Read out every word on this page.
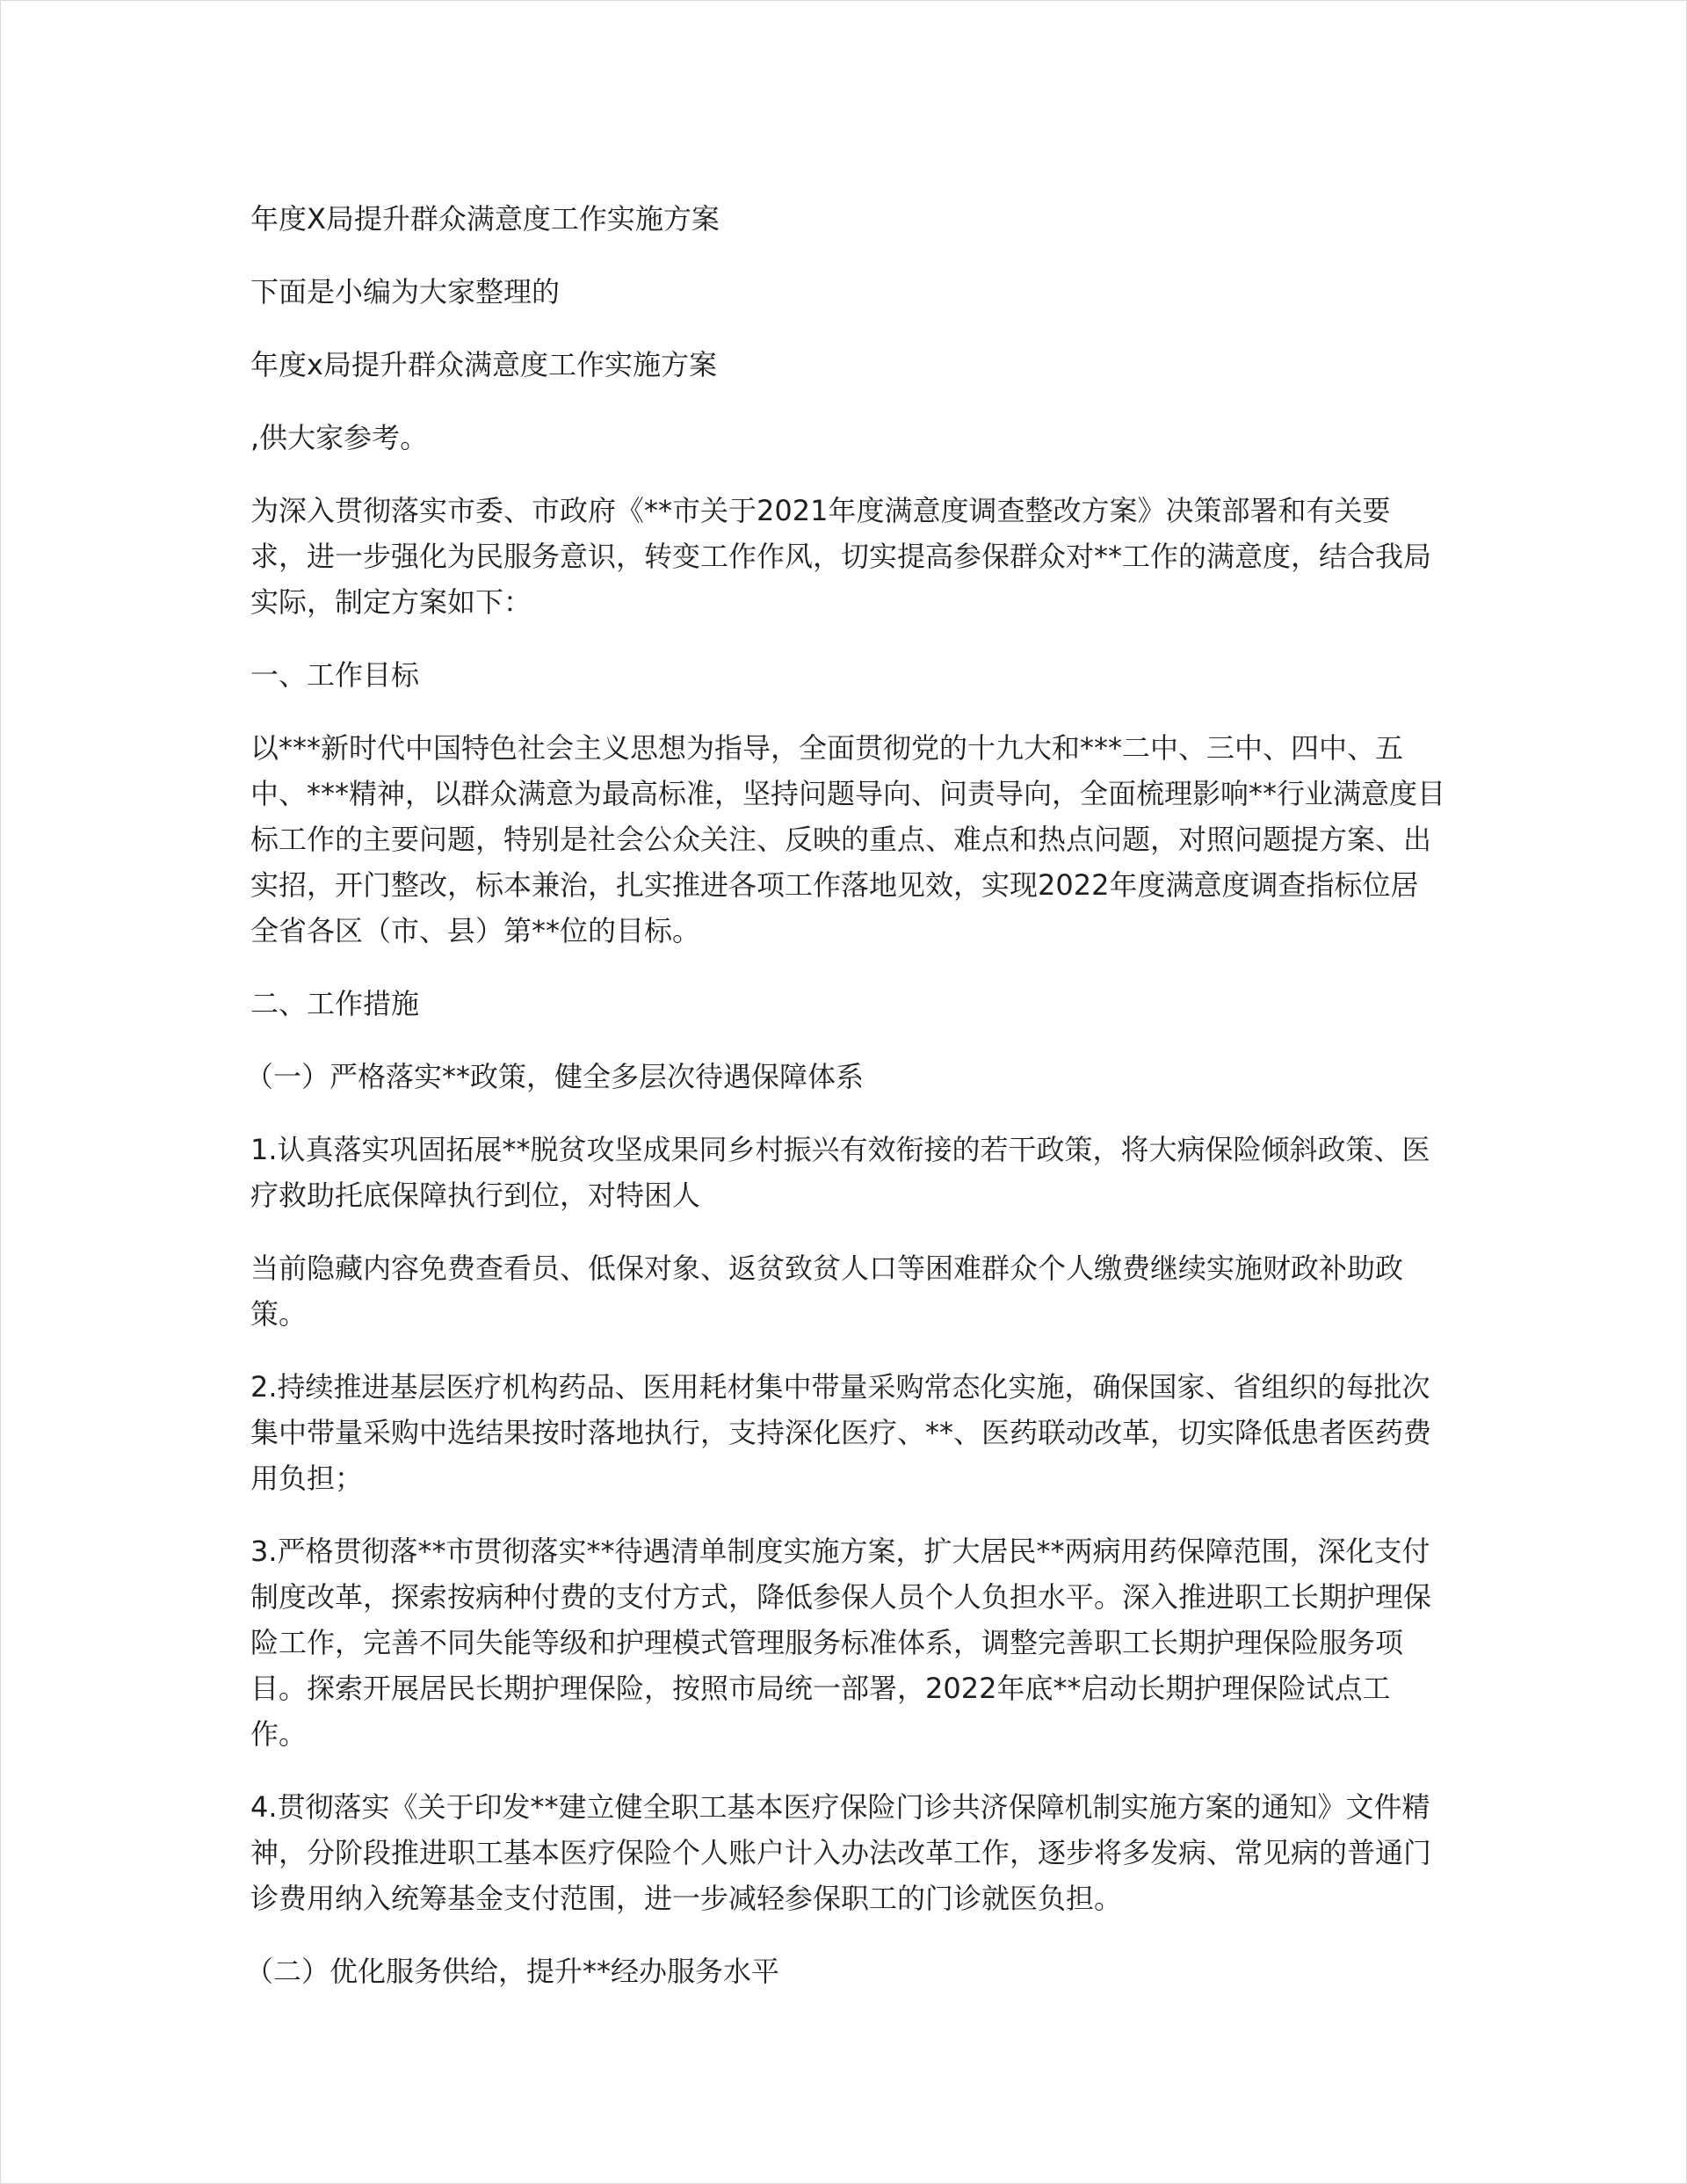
年度X局提升群众满意度工作实施方案

下面是小编为大家整理的

年度x局提升群众满意度工作实施方案

,供大家参考。

为深入贯彻落实市委、市政府《**市关于2021年度满意度调查整改方案》决策部署和有关要求，进一步强化为民服务意识，转变工作作风，切实提高参保群众对**工作的满意度，结合我局实际，制定方案如下：

一、工作目标

以***新时代中国特色社会主义思想为指导，全面贯彻党的十九大和***二中、三中、四中、五中、***精神，以群众满意为最高标准，坚持问题导向、问责导向，全面梳理影响**行业满意度目标工作的主要问题，特别是社会公众关注、反映的重点、难点和热点问题，对照问题提方案、出实招，开门整改，标本兼治，扎实推进各项工作落地见效，实现2022年度满意度调查指标位居全省各区（市、县）第**位的目标。

二、工作措施

（一）严格落实**政策，健全多层次待遇保障体系

1.认真落实巩固拓展**脱贫攻坚成果同乡村振兴有效衔接的若干政策，将大病保险倾斜政策、医疗救助托底保障执行到位，对特困人

当前隐藏内容免费查看员、低保对象、返贫致贫人口等困难群众个人缴费继续实施财政补助政策。

2.持续推进基层医疗机构药品、医用耗材集中带量采购常态化实施，确保国家、省组织的每批次集中带量采购中选结果按时落地执行，支持深化医疗、**、医药联动改革，切实降低患者医药费用负担；

3.严格贯彻落**市贯彻落实**待遇清单制度实施方案，扩大居民**两病用药保障范围，深化支付制度改革，探索按病种付费的支付方式，降低参保人员个人负担水平。深入推进职工长期护理保险工作，完善不同失能等级和护理模式管理服务标准体系，调整完善职工长期护理保险服务项目。探索开展居民长期护理保险，按照市局统一部署，2022年底**启动长期护理保险试点工作。

4.贯彻落实《关于印发**建立健全职工基本医疗保险门诊共济保障机制实施方案的通知》文件精神，分阶段推进职工基本医疗保险个人账户计入办法改革工作，逐步将多发病、常见病的普通门诊费用纳入统筹基金支付范围，进一步减轻参保职工的门诊就医负担。

（二）优化服务供给，提升**经办服务水平
